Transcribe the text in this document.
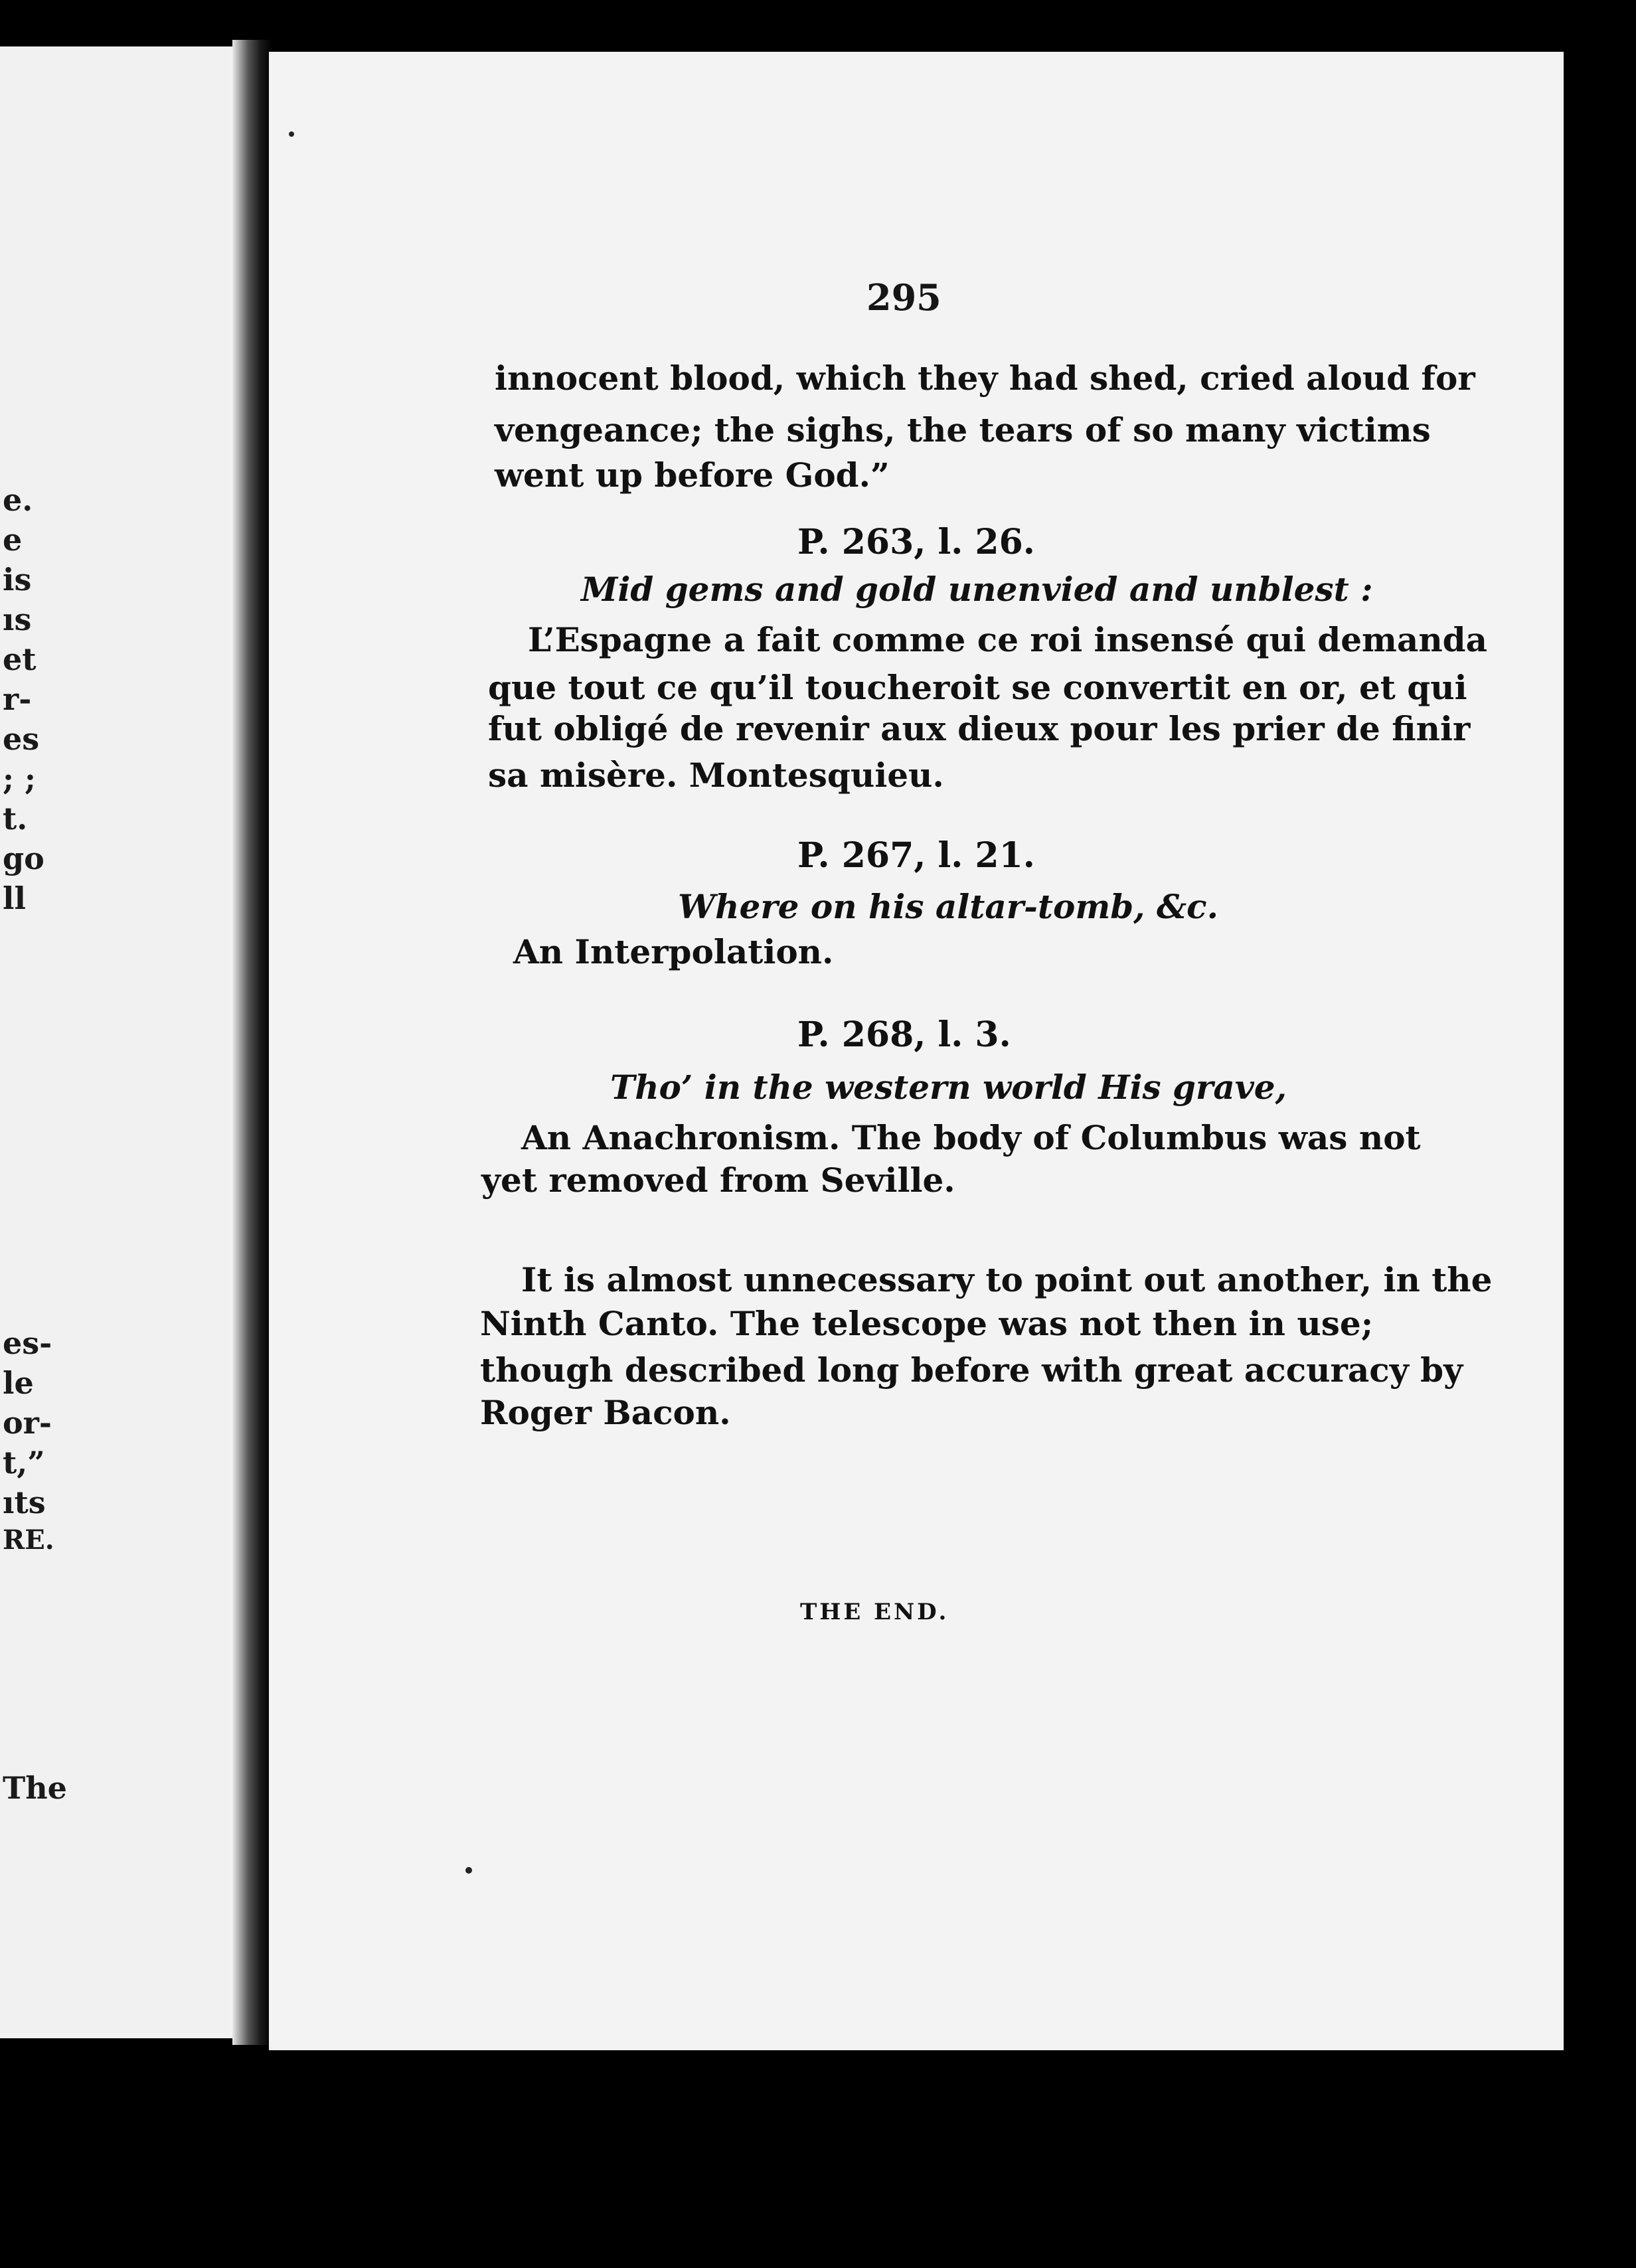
e.
e
is
ıs
et
r-
es
; ;
t.
go
ll
es-
le
or-
t,”
ıts
RE.
The
295
innocent blood, which they had shed, cried aloud for
vengeance; the sighs, the tears of so many victims
went up before God.”
P. 263, l. 26.
Mid gems and gold unenvied and unblest :
L’Espagne a fait comme ce roi insensé qui demanda
que tout ce qu’il toucheroit se convertit en or, et qui
fut obligé de revenir aux dieux pour les prier de finir
sa misère. Montesquieu.
P. 267, l. 21.
Where on his altar-tomb, &c.
An Interpolation.
P. 268, l. 3.
Tho’ in the western world His grave,
An Anachronism. The body of Columbus was not
yet removed from Seville.
It is almost unnecessary to point out another, in the
Ninth Canto. The telescope was not then in use;
though described long before with great accuracy by
Roger Bacon.
THE END.
